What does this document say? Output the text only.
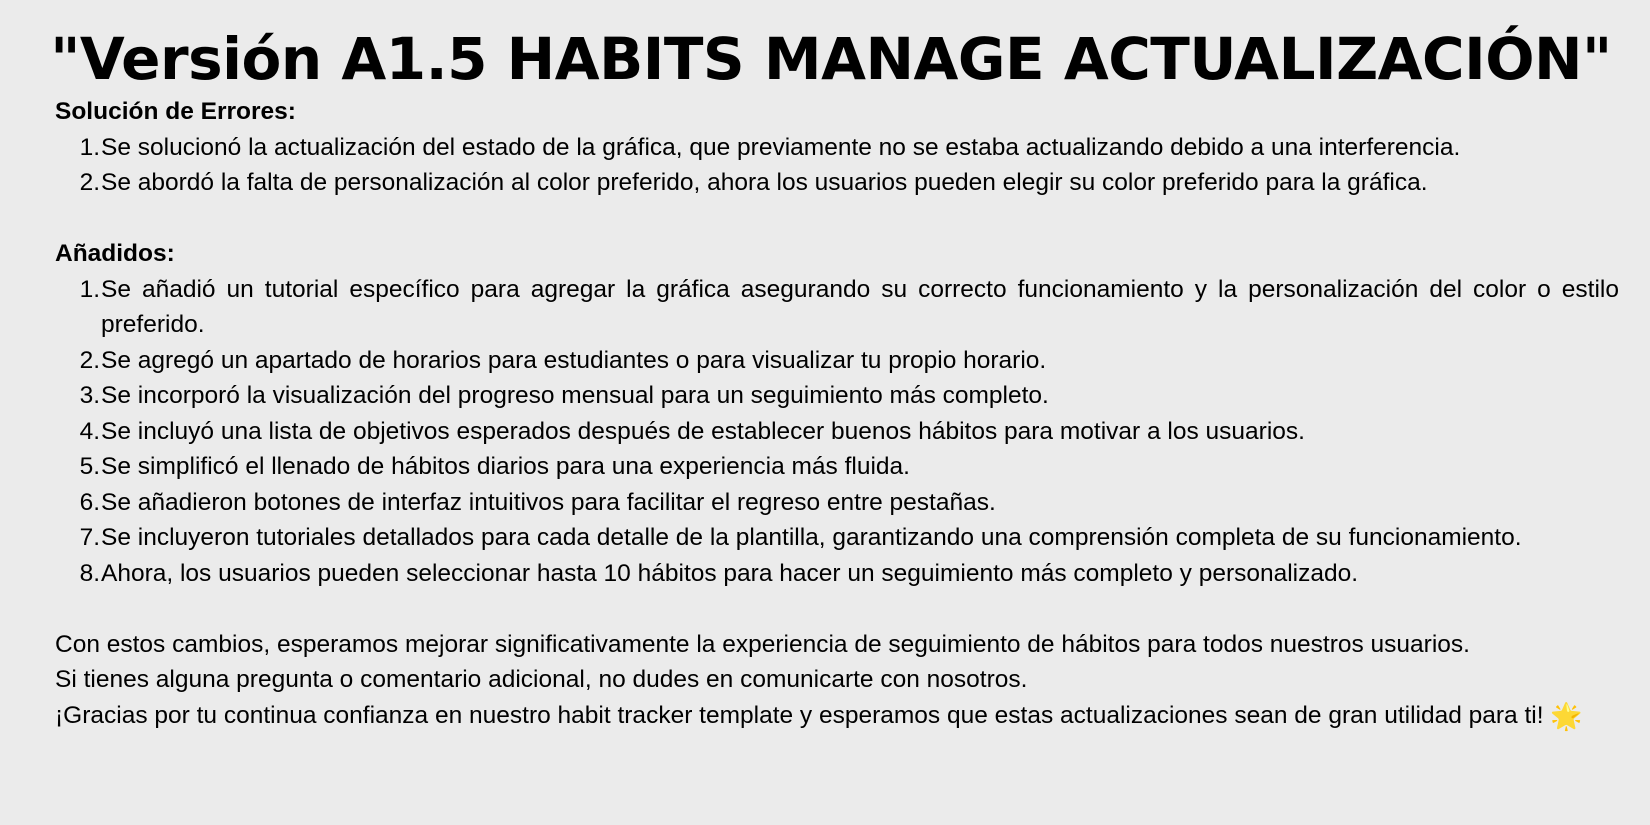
"Versión A1.5 HABITS MANAGE ACTUALIZACIÓN"
Solución de Errores:
1. Se solucionó la actualización del estado de la gráfica, que previamente no se estaba actualizando debido a una interferencia.
2. Se abordó la falta de personalización al color preferido, ahora los usuarios pueden elegir su color preferido para la gráfica.
Añadidos:
1. Se añadió un tutorial específico para agregar la gráfica asegurando su correcto funcionamiento y la personalización del color o estilo preferido.
2. Se agregó un apartado de horarios para estudiantes o para visualizar tu propio horario.
3. Se incorporó la visualización del progreso mensual para un seguimiento más completo.
4. Se incluyó una lista de objetivos esperados después de establecer buenos hábitos para motivar a los usuarios.
5. Se simplificó el llenado de hábitos diarios para una experiencia más fluida.
6. Se añadieron botones de interfaz intuitivos para facilitar el regreso entre pestañas.
7. Se incluyeron tutoriales detallados para cada detalle de la plantilla, garantizando una comprensión completa de su funcionamiento.
8. Ahora, los usuarios pueden seleccionar hasta 10 hábitos para hacer un seguimiento más completo y personalizado.

Con estos cambios, esperamos mejorar significativamente la experiencia de seguimiento de hábitos para todos nuestros usuarios.

Si tienes alguna pregunta o comentario adicional, no dudes en comunicarte con nosotros.

¡Gracias por tu continua confianza en nuestro habit tracker template y esperamos que estas actualizaciones sean de gran utilidad para ti! 🌟
